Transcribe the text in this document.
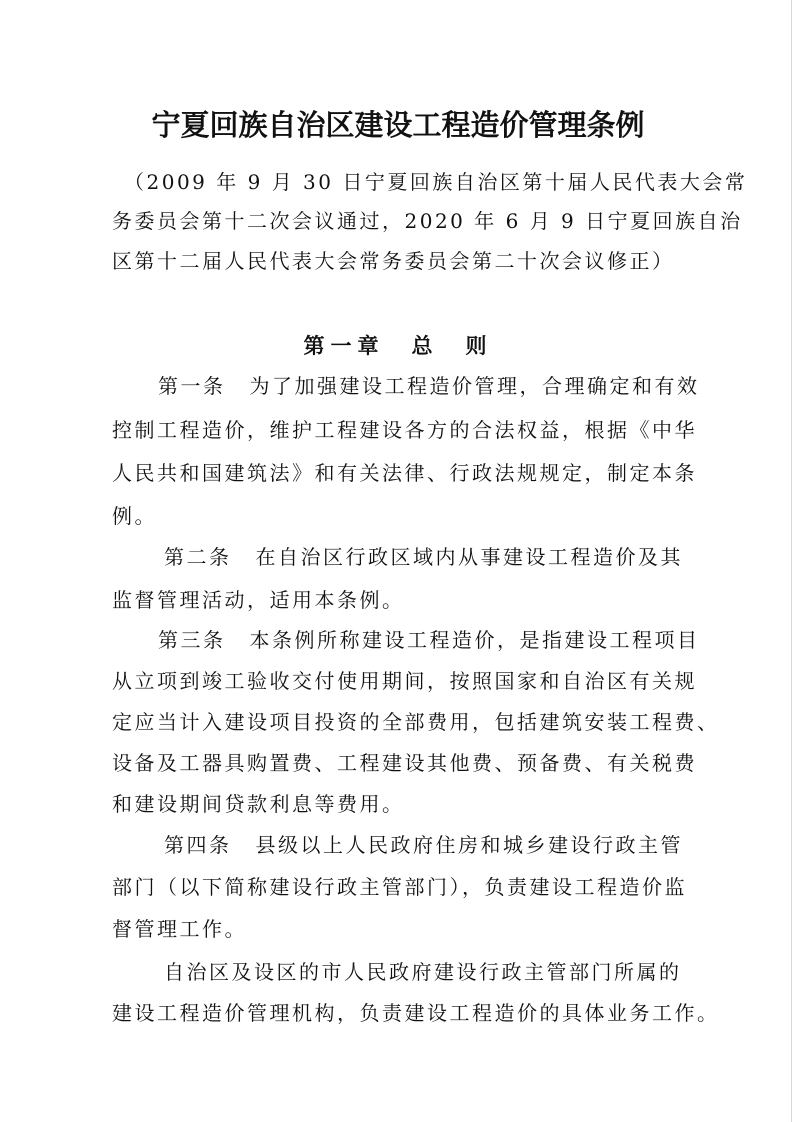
宁夏回族自治区建设工程造价管理条例
（2009 年 9 月 30 日宁夏回族自治区第十届人民代表大会常
务委员会第十二次会议通过，2020 年 6 月 9 日宁夏回族自治
区第十二届人民代表大会常务委员会第二十次会议修正）
第一章　总　则
第一条 为了加强建设工程造价管理，合理确定和有效
控制工程造价，维护工程建设各方的合法权益，根据《中华
人民共和国建筑法》和有关法律、行政法规规定，制定本条
例。
第二条 在自治区行政区域内从事建设工程造价及其
监督管理活动，适用本条例。
第三条 本条例所称建设工程造价，是指建设工程项目
从立项到竣工验收交付使用期间，按照国家和自治区有关规
定应当计入建设项目投资的全部费用，包括建筑安装工程费、
设备及工器具购置费、工程建设其他费、预备费、有关税费
和建设期间贷款利息等费用。
第四条 县级以上人民政府住房和城乡建设行政主管
部门（以下简称建设行政主管部门），负责建设工程造价监
督管理工作。
自治区及设区的市人民政府建设行政主管部门所属的
建设工程造价管理机构，负责建设工程造价的具体业务工作。
